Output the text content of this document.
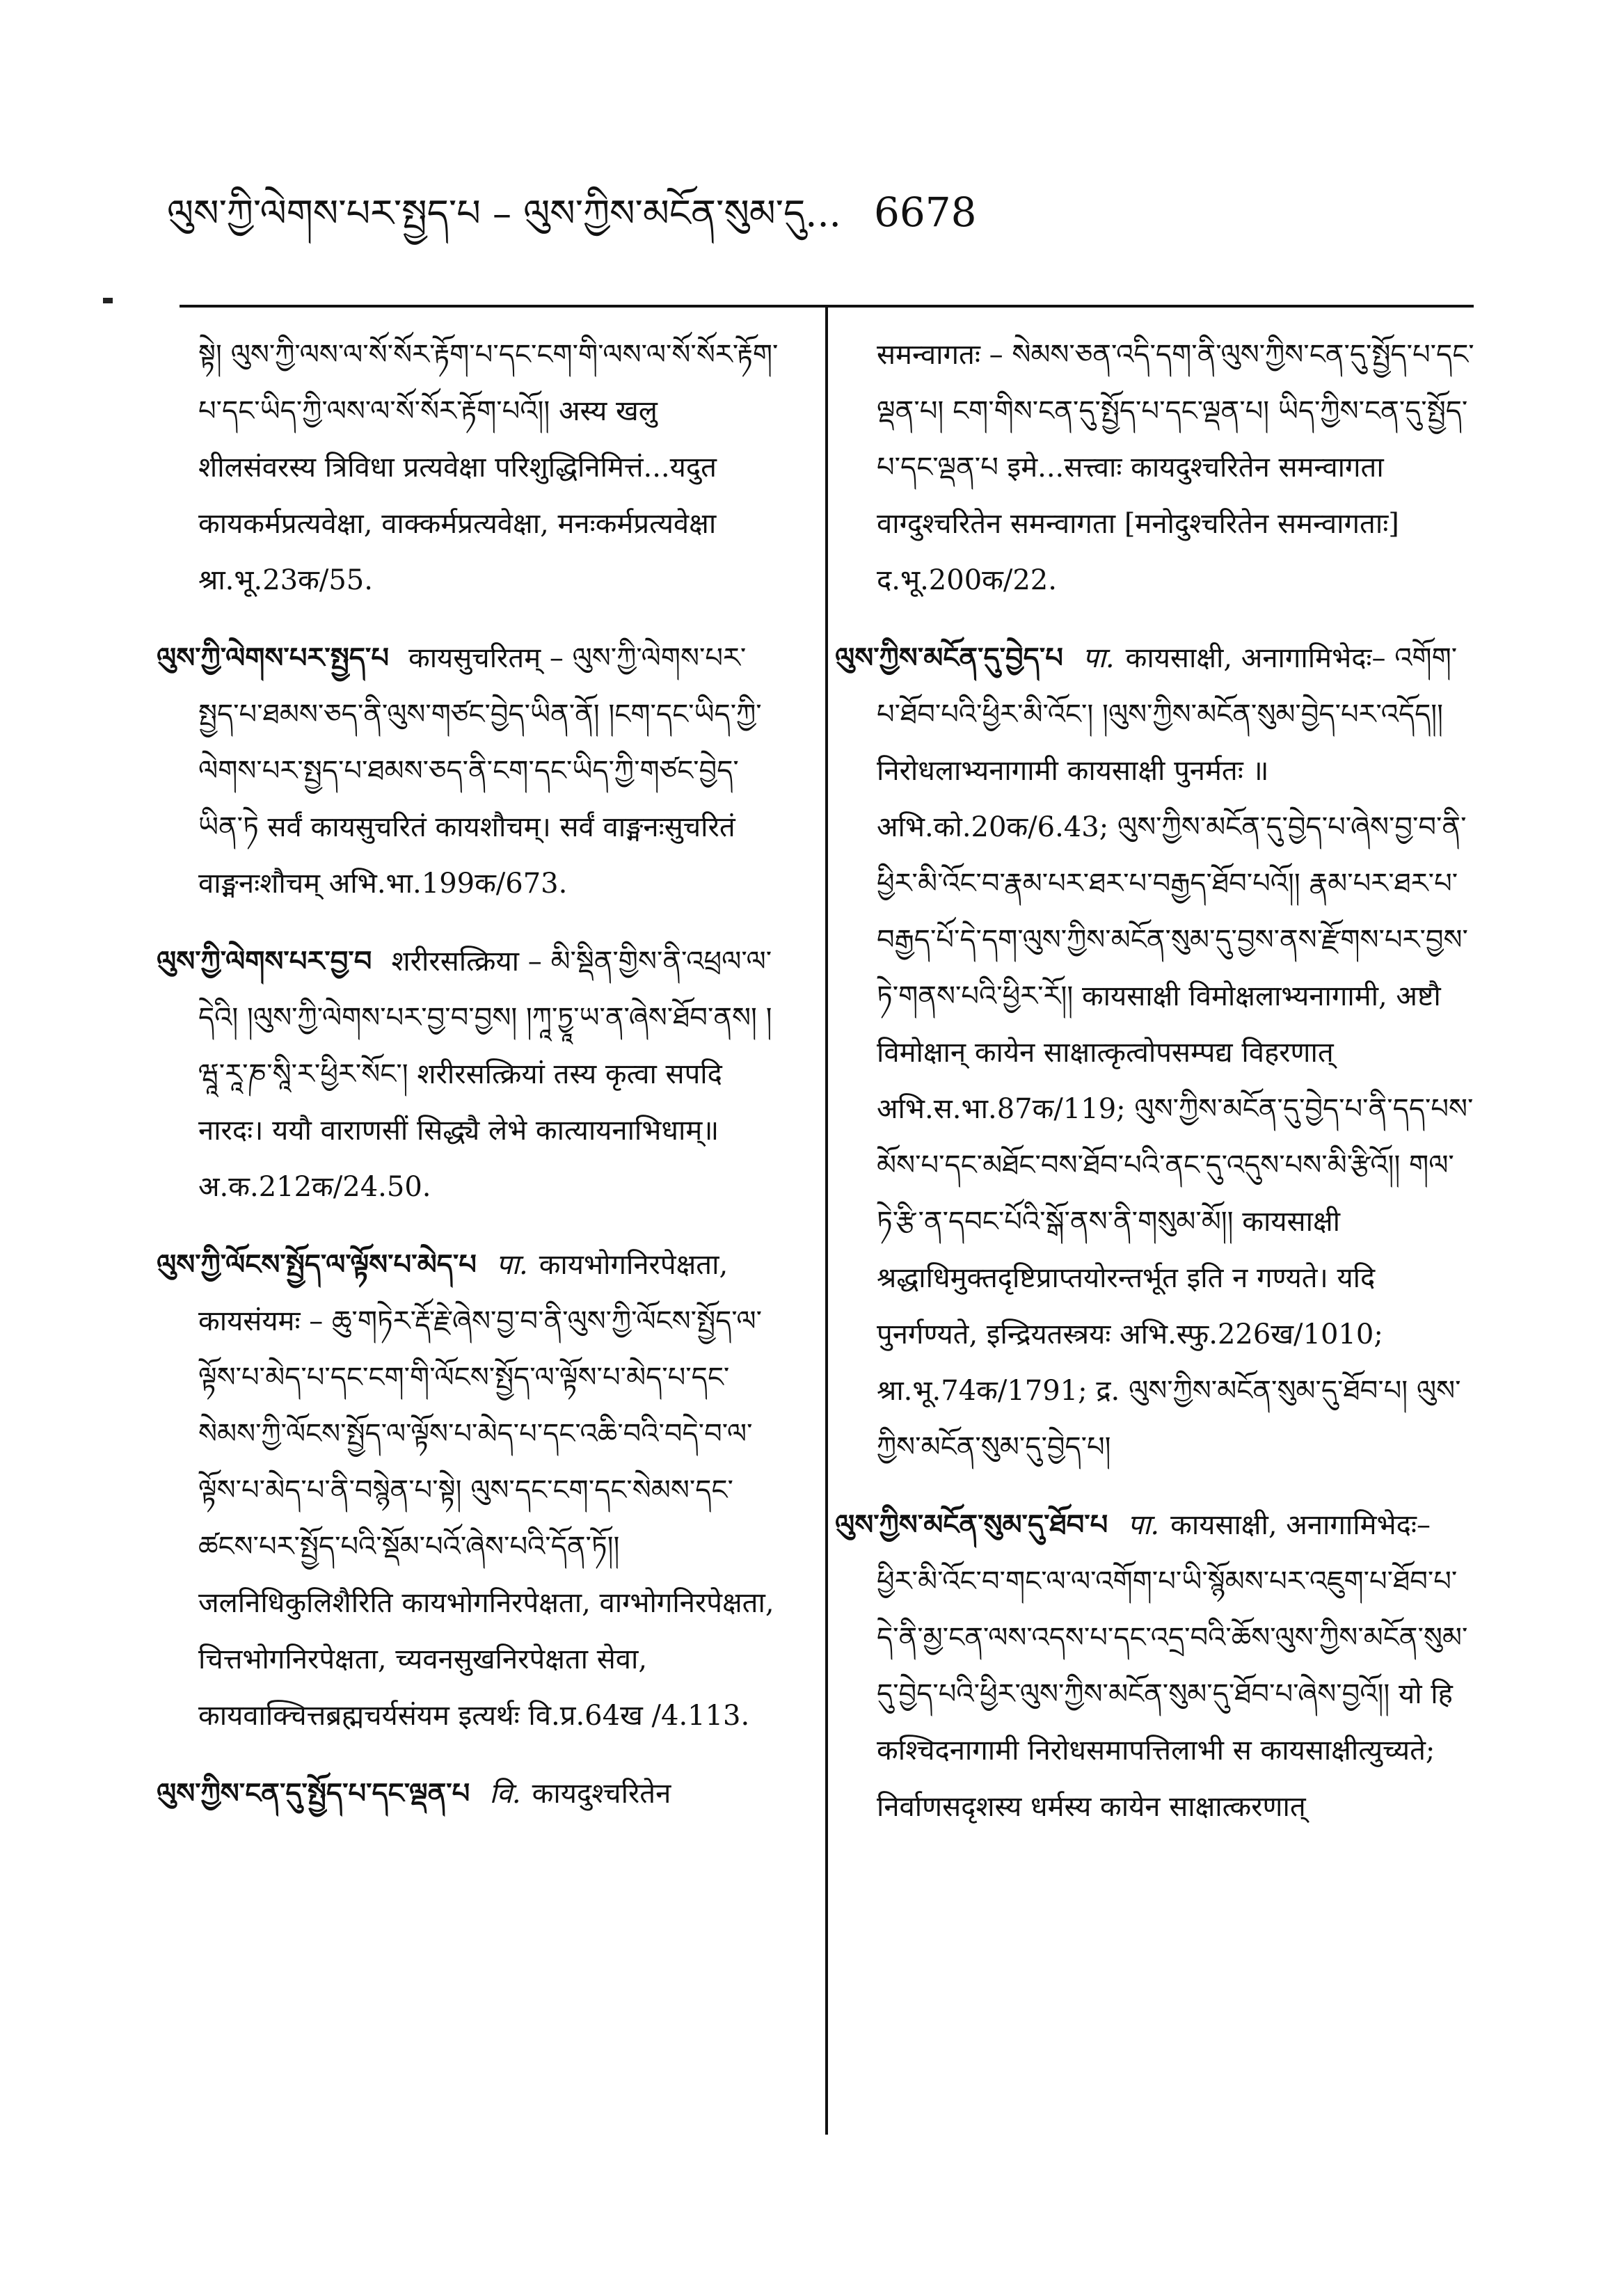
ལུས་ཀྱི་ལེགས་པར་སྤྱད་པ – ལུས་ཀྱིས་མངོན་སུམ་དུ... 6678
སྟེ། ལུས་ཀྱི་ལས་ལ་སོ་སོར་རྟོག་པ་དང་ངག་གི་ལས་ལ་སོ་སོར་རྟོག་པ་དང་ཡིད་ཀྱི་ལས་ལ་སོ་སོར་རྟོག་པའོ།། अस्य खलु शीलसंवरस्य त्रिविधा प्रत्यवेक्षा परिशुद्धिनिमित्तं...यदुत कायकर्मप्रत्यवेक्षा, वाक्कर्मप्रत्यवेक्षा, मनःकर्मप्रत्यवेक्षा श्रा.भू.23क/55.
ལུས་ཀྱི་ལེགས་པར་སྤྱད་པ कायसुचरितम् – ལུས་ཀྱི་ལེགས་པར་སྤྱད་པ་ཐམས་ཅད་ནི་ལུས་གཙང་བྱེད་ཡིན་ནོ། །ངག་དང་ཡིད་ཀྱི་ལེགས་པར་སྤྱད་པ་ཐམས་ཅད་ནི་ངག་དང་ཡིད་ཀྱི་གཙང་བྱེད་ཡིན་ཏེ सर्वं कायसुचरितं कायशौचम्। सर्वं वाङ्मनःसुचरितं वाङ्मनःशौचम् अभि.भा.199क/673.
ལུས་ཀྱི་ལེགས་པར་བྱ་བ शरीरसत्क्रिया – མི་སྡིན་གྱིས་ནི་འཕྲལ་ལ་དེའི། །ལུས་ཀྱི་ལེགས་པར་བྱ་བ་བྱས། །ཀཱ་ཏྱཱ་ཡ་ན་ཞེས་ཐོབ་ནས། །ཝཱ་རཱ་ཎ་སཱི་ར་ཕྱིར་སོང་། शरीरसत्क्रियां तस्य कृत्वा सपदि नारदः। ययौ वाराणसीं सिद्ध्यै लेभे कात्यायनाभिधाम्॥ अ.क.212क/24.50.
ལུས་ཀྱི་ལོངས་སྤྱོད་ལ་ལྟོས་པ་མེད་པ पा. कायभोगनिरपेक्षता, कायसंयमः – ཆུ་གཏེར་རྡོ་རྗེ་ཞེས་བྱ་བ་ནི་ལུས་ཀྱི་ལོངས་སྤྱོད་ལ་ལྟོས་པ་མེད་པ་དང་ངག་གི་ལོངས་སྤྱོད་ལ་ལྟོས་པ་མེད་པ་དང་སེམས་ཀྱི་ལོངས་སྤྱོད་ལ་ལྟོས་པ་མེད་པ་དང་འཆི་བའི་བདེ་བ་ལ་ལྟོས་པ་མེད་པ་ནི་བསྙེན་པ་སྟེ། ལུས་དང་ངག་དང་སེམས་དང་ཚངས་པར་སྤྱོད་པའི་སྡོམ་པའོ་ཞེས་པའི་དོན་ཏོ།། जलनिधिकुलिशैरिति कायभोगनिरपेक्षता, वाग्भोगनिरपेक्षता, चित्तभोगनिरपेक्षता, च्यवनसुखनिरपेक्षता सेवा, कायवाक्चित्तब्रह्मचर्यसंयम इत्यर्थः वि.प्र.64ख /4.113.
ལུས་ཀྱིས་ངན་དུ་སྤྱོད་པ་དང་ལྡན་པ वि. कायदुश्चरितेन
समन्वागतः – སེམས་ཅན་འདི་དག་ནི་ལུས་ཀྱིས་ངན་དུ་སྤྱོད་པ་དང་ལྡན་པ། ངག་གིས་ངན་དུ་སྤྱོད་པ་དང་ལྡན་པ། ཡིད་ཀྱིས་ངན་དུ་སྤྱོད་པ་དང་ལྡན་པ इमे...सत्त्वाः कायदुश्चरितेन समन्वागता वाग्दुश्चरितेन समन्वागता [मनोदुश्चरितेन समन्वागताः] द.भू.200क/22.
ལུས་ཀྱིས་མངོན་དུ་བྱེད་པ पा. कायसाक्षी, अनागामिभेदः– འགོག་པ་ཐོབ་པའི་ཕྱིར་མི་འོང་། །ལུས་ཀྱིས་མངོན་སུམ་བྱེད་པར་འདོད།། निरोधलाभ्यनागामी कायसाक्षी पुनर्मतः ॥ अभि.को.20क/6.43; ལུས་ཀྱིས་མངོན་དུ་བྱེད་པ་ཞེས་བྱ་བ་ནི་ཕྱིར་མི་འོང་བ་རྣམ་པར་ཐར་པ་བརྒྱད་ཐོབ་པའོ།། རྣམ་པར་ཐར་པ་བརྒྱད་པོ་དེ་དག་ལུས་ཀྱིས་མངོན་སུམ་དུ་བྱས་ནས་རྫོགས་པར་བྱས་ཏེ་གནས་པའི་ཕྱིར་རོ།། कायसाक्षी विमोक्षलाभ्यनागामी, अष्टौ विमोक्षान् कायेन साक्षात्कृत्वोपसम्पद्य विहरणात् अभि.स.भा.87क/119; ལུས་ཀྱིས་མངོན་དུ་བྱེད་པ་ནི་དད་པས་མོས་པ་དང་མཐོང་བས་ཐོབ་པའི་ནང་དུ་འདུས་པས་མི་རྩིའོ།། གལ་ཏེ་རྩི་ན་དབང་པོའི་སྒོ་ནས་ནི་གསུམ་མོ།། कायसाक्षी श्रद्धाधिमुक्तदृष्टिप्राप्तयोरन्तर्भूत इति न गण्यते। यदि पुनर्गण्यते, इन्द्रियतस्त्रयः अभि.स्फु.226ख/1010; श्रा.भू.74क/1791; द्र. ལུས་ཀྱིས་མངོན་སུམ་དུ་ཐོབ་པ། ལུས་ཀྱིས་མངོན་སུམ་དུ་བྱེད་པ།
ལུས་ཀྱིས་མངོན་སུམ་དུ་ཐོབ་པ पा. कायसाक्षी, अनागामिभेदः– ཕྱིར་མི་འོང་བ་གང་ལ་ལ་འགོག་པ་ཡི་སྙོམས་པར་འཇུག་པ་ཐོབ་པ་དེ་ནི་མྱ་ངན་ལས་འདས་པ་དང་འདྲ་བའི་ཆོས་ལུས་ཀྱིས་མངོན་སུམ་དུ་བྱེད་པའི་ཕྱིར་ལུས་ཀྱིས་མངོན་སུམ་དུ་ཐོབ་པ་ཞེས་བྱའོ།། यो हि कश्चिदनागामी निरोधसमापत्तिलाभी स कायसाक्षीत्युच्यते; निर्वाणसदृशस्य धर्मस्य कायेन साक्षात्करणात्
